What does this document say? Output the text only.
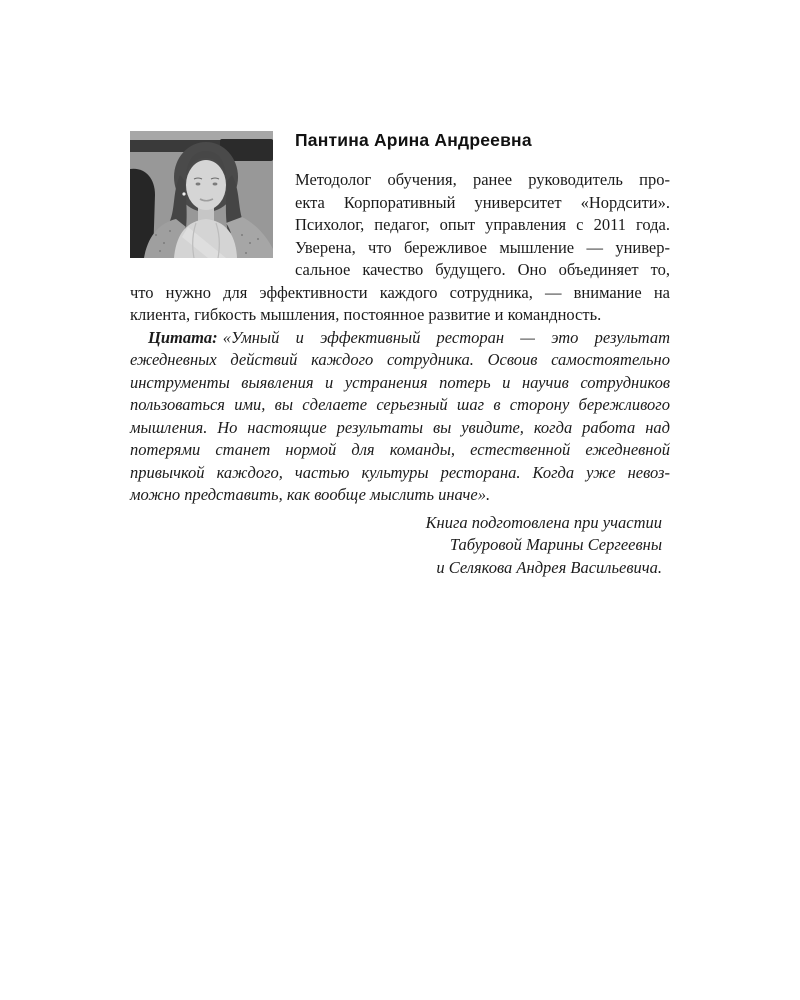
Пантина Арина Андреевна
Методолог обучения, ранее руководитель про-
екта Корпоративный университет «Нордсити».
Психолог, педагог, опыт управления с 2011 года.
Уверена, что бережливое мышление — универ-
сальное качество будущего. Оно объединяет то,
что нужно для эффективности каждого сотрудника, — внимание на
клиента, гибкость мышления, постоянное развитие и командность.
Цитата: «Умный и эффективный ресторан — это результат
ежедневных действий каждого сотрудника. Освоив самостоятельно
инструменты выявления и устранения потерь и научив сотрудников
пользоваться ими, вы сделаете серьезный шаг в сторону бережливого
мышления. Но настоящие результаты вы увидите, когда работа над
потерями станет нормой для команды, естественной ежедневной
привычкой каждого, частью культуры ресторана. Когда уже невоз-
можно представить, как вообще мыслить иначе».
Книга подготовлена при участии
Табуровой Марины Сергеевны
и Селякова Андрея Васильевича.
